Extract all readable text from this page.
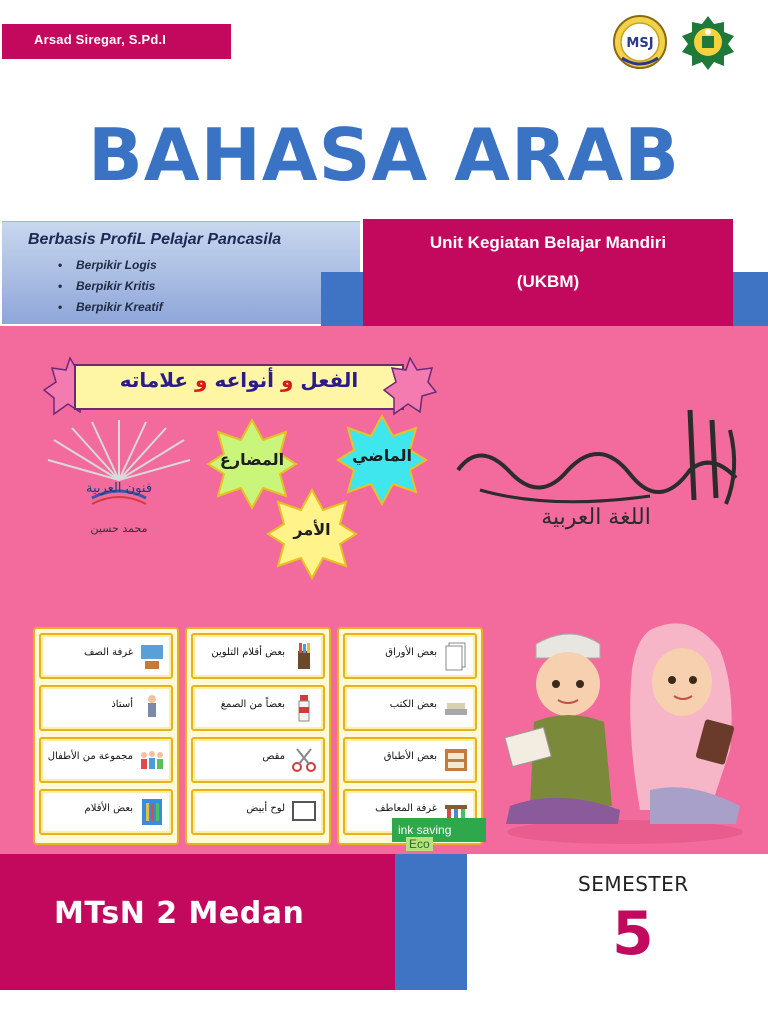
Arsad Siregar, S.Pd.I	MSJ
BAHASA ARAB
Berbasis ProfiL Pelajar Pancasila
• Berpikir Logis
• Berpikir Kritis
• Berpikir Kreatif
Unit Kegiatan Belajar Mandiri
(UKBM)
الفعل و أنواعه و علاماته
المضارع	الماضي
الأمر
فنون العربية
محمد حسين	اللغة العربية
غرفة الصف
أستاذ
مجموعة من الأطفال
بعض الأقلام
بعض أقلام التلوين
بعضاً من الصمغ
مقص
لوح أبيض
بعض الأوراق
بعض الكتب
بعض الأطباق
غرفة المعاطف
ink savingEco
MTsN 2 Medan
SEMESTER
5
